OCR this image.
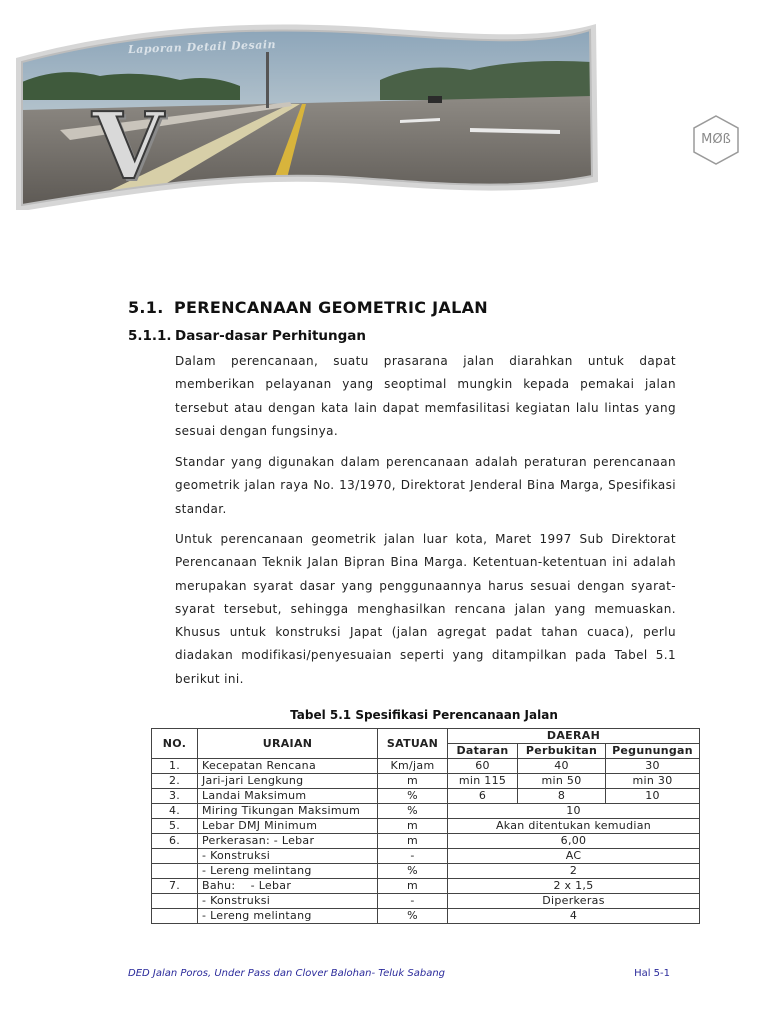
Laporan Detail Desain
V	MØß
5.1. PERENCANAAN GEOMETRIC JALAN
5.1.1. Dasar-dasar Perhitungan

Dalam perencanaan, suatu prasarana jalan diarahkan untuk dapat memberikan pelayanan yang seoptimal mungkin kepada pemakai jalan tersebut atau dengan kata lain dapat memfasilitasi kegiatan lalu lintas yang sesuai dengan fungsinya.

Standar yang digunakan dalam perencanaan adalah peraturan perencanaan geometrik jalan raya No. 13/1970, Direktorat Jenderal Bina Marga, Spesifikasi standar.

Untuk perencanaan geometrik jalan luar kota, Maret 1997 Sub Direktorat Perencanaan Teknik Jalan Bipran Bina Marga. Ketentuan-ketentuan ini adalah merupakan syarat dasar yang penggunaannya harus sesuai dengan syarat-syarat tersebut, sehingga menghasilkan rencana jalan yang memuaskan. Khusus untuk konstruksi Japat (jalan agregat padat tahan cuaca), perlu diadakan modifikasi/penyesuaian seperti yang ditampilkan pada Tabel 5.1 berikut ini.

Tabel 5.1 Spesifikasi Perencanaan Jalan
NO.	URAIAN	SATUAN	DAERAH		
			Dataran	Perbukitan	Pegunungan
1.	Kecepatan Rencana	Km/jam	60	40	30
2.	Jari-jari Lengkung	m	min 115	min 50	min 30
3.	Landai Maksimum	%	6	8	10
4.	Miring Tikungan Maksimum	%	10		
5.	Lebar DMJ Minimum	m	Akan ditentukan kemudian		
6.	Perkerasan: - Lebar	m	6,00		
	- Konstruksi	-	AC		
	- Lereng melintang	%	2		
7.	Bahu:    - Lebar	m	2 x 1,5		
	- Konstruksi	-	Diperkeras		
	- Lereng melintang	%	4		
DED Jalan Poros, Under Pass dan Clover Balohan- Teluk Sabang	Hal 5-1
